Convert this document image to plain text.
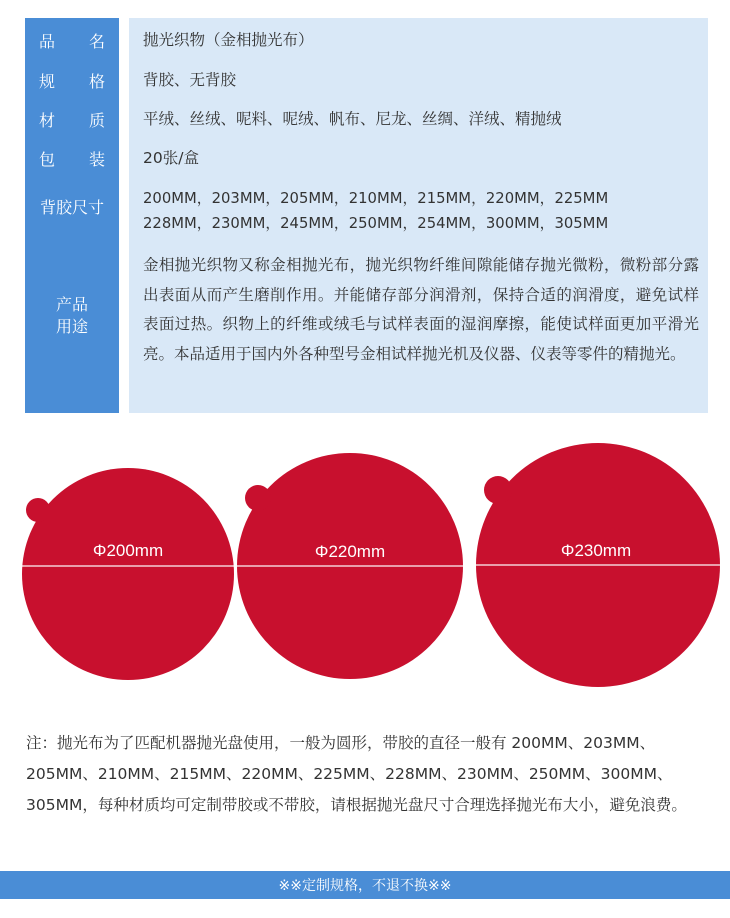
品 名
规 格
材 质
包 装
背胶尺寸
产品
用途
抛光织物（金相抛光布）
背胶、无背胶
平绒、丝绒、呢料、呢绒、帆布、尼龙、丝绸、洋绒、精抛绒
20张/盒
200MM，203MM，205MM，210MM，215MM，220MM，225MM
228MM，230MM，245MM，250MM，254MM，300MM，305MM
金相抛光织物又称金相抛光布，抛光织物纤维间隙能储存抛光微粉，微粉部分露出表面从而产生磨削作用。并能储存部分润滑剂，保持合适的润滑度，避免试样表面过热。织物上的纤维或绒毛与试样表面的湿润摩擦，能使试样面更加平滑光亮。本品适用于国内外各种型号金相试样抛光机及仪器、仪表等零件的精抛光。
Φ200mm	Φ220mm	Φ230mm
注：抛光布为了匹配机器抛光盘使用，一般为圆形，带胶的直径一般有 200MM、203MM、205MM、210MM、215MM、220MM、225MM、228MM、230MM、250MM、300MM、305MM，每种材质均可定制带胶或不带胶，请根据抛光盘尺寸合理选择抛光布大小，避免浪费。
※※定制规格，不退不换※※
